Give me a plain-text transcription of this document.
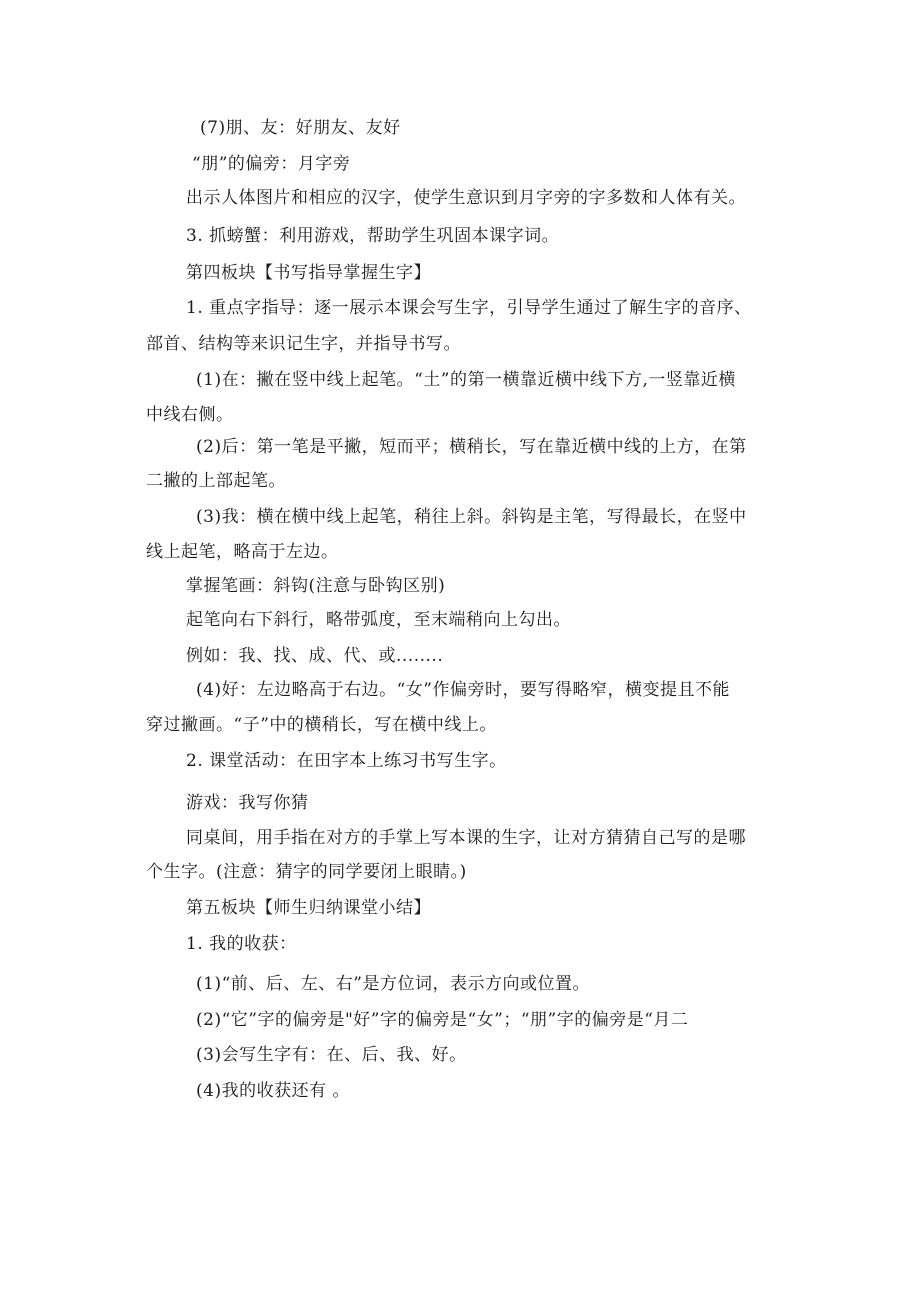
(7)朋、友：好朋友、友好
“朋”的偏旁：月字旁
出示人体图片和相应的汉字，使学生意识到月字旁的字多数和人体有关。
3. 抓螃蟹：利用游戏，帮助学生巩固本课字词。
第四板块【书写指导掌握生字】
1. 重点字指导：逐一展示本课会写生字，引导学生通过了解生字的音序、
部首、结构等来识记生字，并指导书写。
(1)在：撇在竖中线上起笔。“土”的第一横靠近横中线下方,一竖靠近横
中线右侧。
(2)后：第一笔是平撇，短而平；横稍长，写在靠近横中线的上方，在第
二撇的上部起笔。
(3)我：横在横中线上起笔，稍往上斜。斜钩是主笔，写得最长，在竖中
线上起笔，略高于左边。
掌握笔画：斜钩(注意与卧钩区别)
起笔向右下斜行，略带弧度，至末端稍向上勾出。
例如：我、找、成、代、或........
(4)好：左边略高于右边。“女”作偏旁时，要写得略窄，横变提且不能
穿过撇画。“子”中的横稍长，写在横中线上。
2. 课堂活动：在田字本上练习书写生字。
游戏：我写你猜
同桌间，用手指在对方的手掌上写本课的生字，让对方猜猜自己写的是哪
个生字。(注意：猜字的同学要闭上眼睛。)
第五板块【师生归纳课堂小结】
1. 我的收获：
(1)“前、后、左、右”是方位词，表示方向或位置。
(2)“它”字的偏旁是"好”字的偏旁是“女”；“朋”字的偏旁是“月二
(3)会写生字有：在、后、我、好。
(4)我的收获还有 。
